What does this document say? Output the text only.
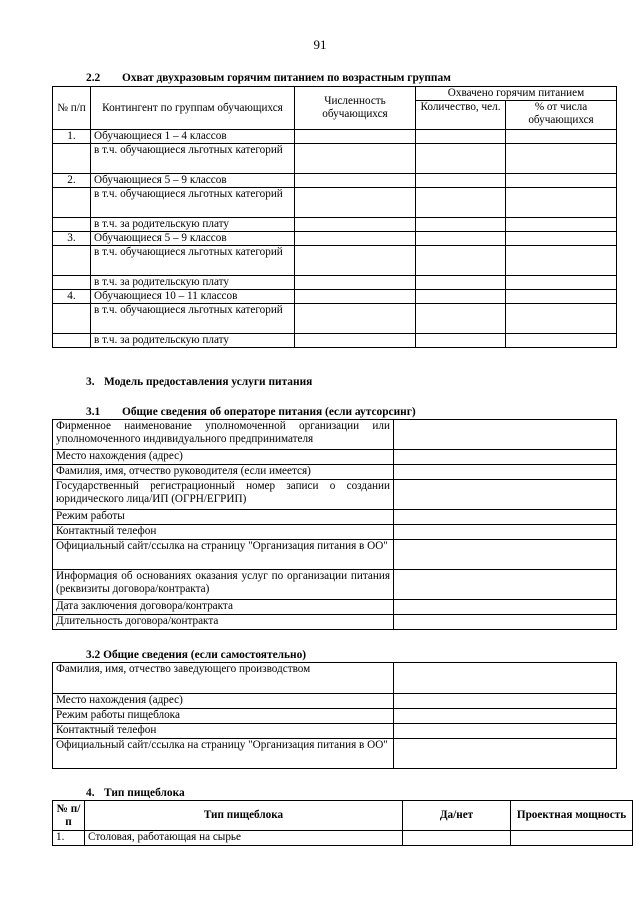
91
2.2 Охват двухразовым горячим питанием по возрастным группам
№ п/п	Контингент по группам обучающихся	Численность обучающихся	Охвачено горячим питанием	
			Количество, чел.	% от числа обучающихся
1.	Обучающиеся 1 – 4 классов			
	в т.ч. обучающиеся льготных категорий			
2.	Обучающиеся 5 – 9 классов			
	в т.ч. обучающиеся льготных категорий			
	в т.ч. за родительскую плату			
3.	Обучающиеся 5 – 9 классов			
	в т.ч. обучающиеся льготных категорий			
	в т.ч. за родительскую плату			
4.	Обучающиеся 10 – 11 классов			
	в т.ч. обучающиеся льготных категорий			
	в т.ч. за родительскую плату			
3. Модель предоставления услуги питания
3.1 Общие сведения об операторе питания (если аутсорсинг)
Фирменное наименование уполномоченной организации или уполномоченного индивидуального предпринимателя	
Место нахождения (адрес)	
Фамилия, имя, отчество руководителя (если имеется)	
Государственный регистрационный номер записи о создании юридического лица/ИП (ОГРН/ЕГРИП)	
Режим работы	
Контактный телефон	
Официальный сайт/ссылка на страницу "Организация питания в ОО"	
Информация об основаниях оказания услуг по организации питания (реквизиты договора/контракта)	
Дата заключения договора/контракта	
Длительность договора/контракта	
3.2 Общие сведения (если самостоятельно)
Фамилия, имя, отчество заведующего производством	
Место нахождения (адрес)	
Режим работы пищеблока	
Контактный телефон	
Официальный сайт/ссылка на страницу "Организация питания в ОО"	
4. Тип пищеблока
№ п/п	Тип пищеблока	Да/нет	Проектная мощность
1.	Столовая, работающая на сырье		
